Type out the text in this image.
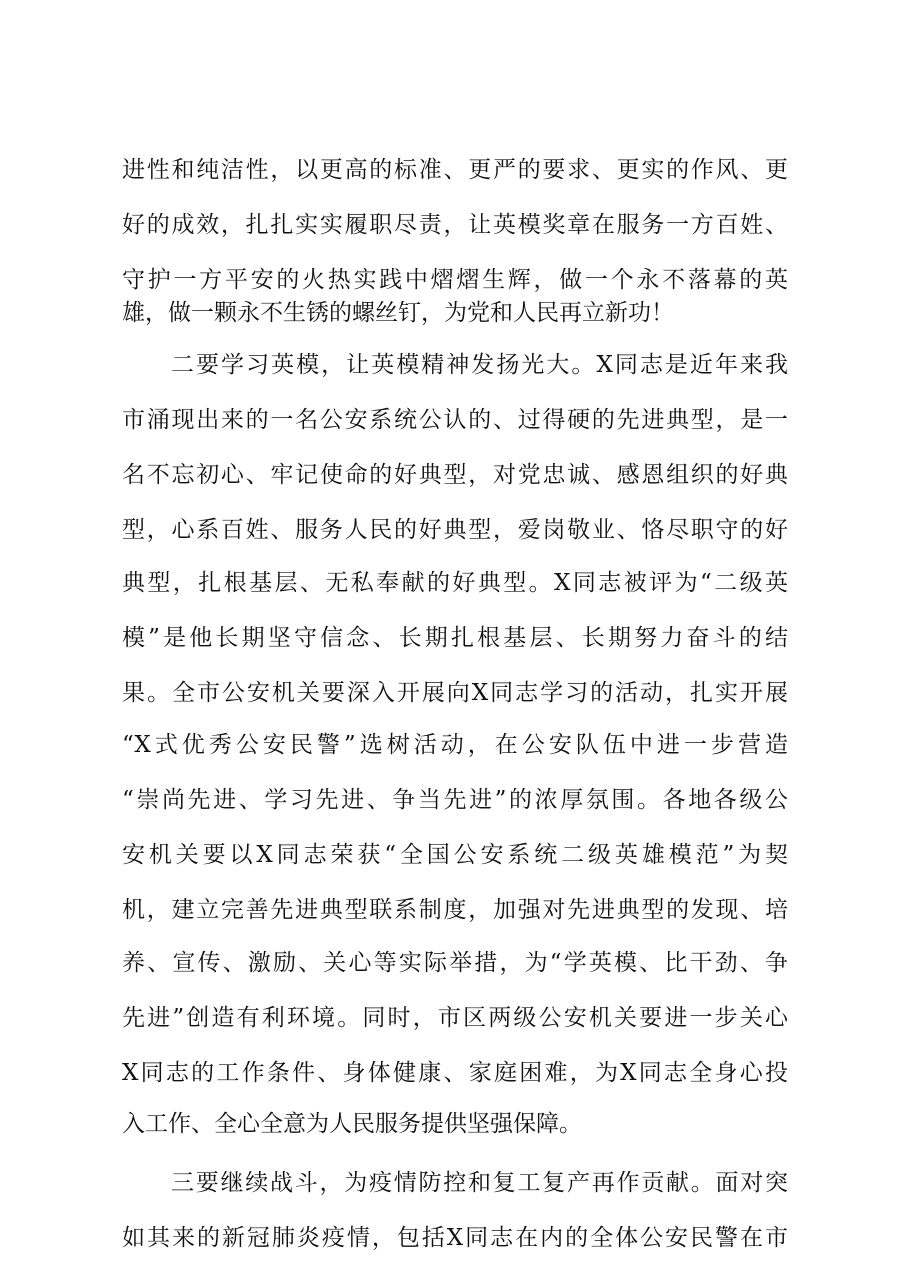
进性和纯洁性，以更高的标准、更严的要求、更实的作风、更
好的成效，扎扎实实履职尽责，让英模奖章在服务一方百姓、
守护一方平安的火热实践中熠熠生辉，做一个永不落幕的英
雄，做一颗永不生锈的螺丝钉，为党和人民再立新功！
二要学习英模，让英模精神发扬光大。X同志是近年来我
市涌现出来的一名公安系统公认的、过得硬的先进典型，是一
名不忘初心、牢记使命的好典型，对党忠诚、感恩组织的好典
型，心系百姓、服务人民的好典型，爱岗敬业、恪尽职守的好
典型，扎根基层、无私奉献的好典型。X同志被评为“二级英
模”是他长期坚守信念、长期扎根基层、长期努力奋斗的结
果。全市公安机关要深入开展向X同志学习的活动，扎实开展
“X式优秀公安民警”选树活动，在公安队伍中进一步营造
“崇尚先进、学习先进、争当先进”的浓厚氛围。各地各级公
安机关要以X同志荣获“全国公安系统二级英雄模范”为契
机，建立完善先进典型联系制度，加强对先进典型的发现、培
养、宣传、激励、关心等实际举措，为“学英模、比干劲、争
先进”创造有利环境。同时，市区两级公安机关要进一步关心
X同志的工作条件、身体健康、家庭困难，为X同志全身心投
入工作、全心全意为人民服务提供坚强保障。
三要继续战斗，为疫情防控和复工复产再作贡献。面对突
如其来的新冠肺炎疫情，包括X同志在内的全体公安民警在市
